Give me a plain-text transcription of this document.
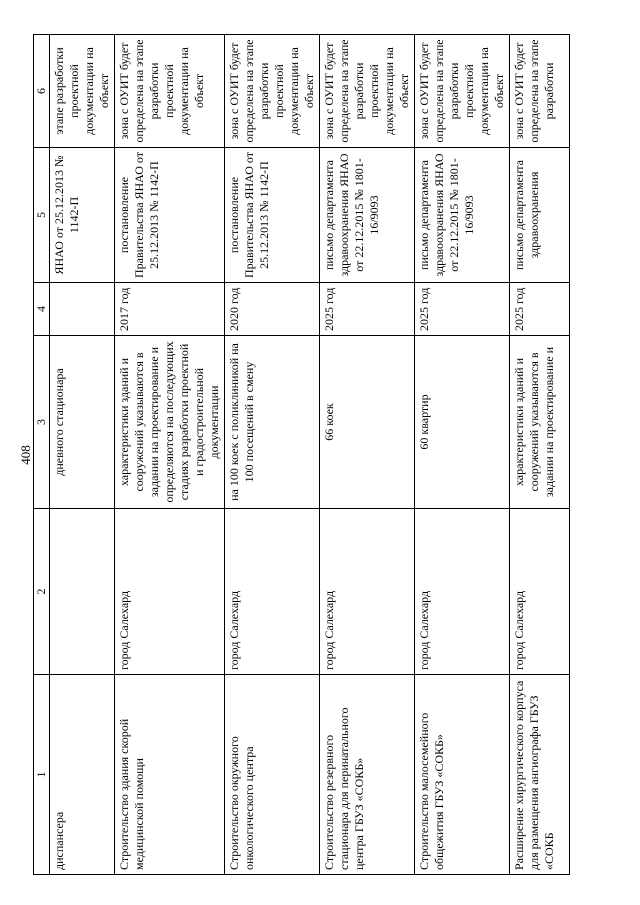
408
1	2	3	4	5	6
диспансера		дневного стационара		ЯНАО от 25.12.2013 № 1142-П	этапе разработки проектной документации на объект
Строительство здания скорой медицинской помощи	город Салехард	характеристики зданий и сооружений указываются в задании на проектирование и определяются на последующих стадиях разработки проектной и градостроительной документации	2017 год	постановление Правительства ЯНАО от 25.12.2013 № 1142-П	зона с ОУИТ будет определена на этапе разработки проектной документации на объект
Строительство окружного онкологического центра	город Салехард	на 100 коек с поликлиникой на 100 посещений в смену	2020 год	постановление Правительства ЯНАО от 25.12.2013 № 1142-П	зона с ОУИТ будет определена на этапе разработки проектной документации на объект
Строительство резервного стационара для перинатального центра ГБУЗ «СОКБ»	город Салехард	66 коек	2025 год	письмо департамента здравоохранения ЯНАО от 22.12.2015 № 1801-16/9093	зона с ОУИТ будет определена на этапе разработки проектной документации на объект
Строительство малосемейного общежития ГБУЗ «СОКБ»	город Салехард	60 квартир	2025 год	письмо департамента здравоохранения ЯНАО от 22.12.2015 № 1801-16/9093	зона с ОУИТ будет определена на этапе разработки проектной документации на объект
Расширение хирургического корпуса для размещения ангиографа ГБУЗ «СОКБ	город Салехард	характеристики зданий и сооружений указываются в задании на проектирование и	2025 год	письмо департамента здравоохранения	зона с ОУИТ будет определена на этапе разработки
